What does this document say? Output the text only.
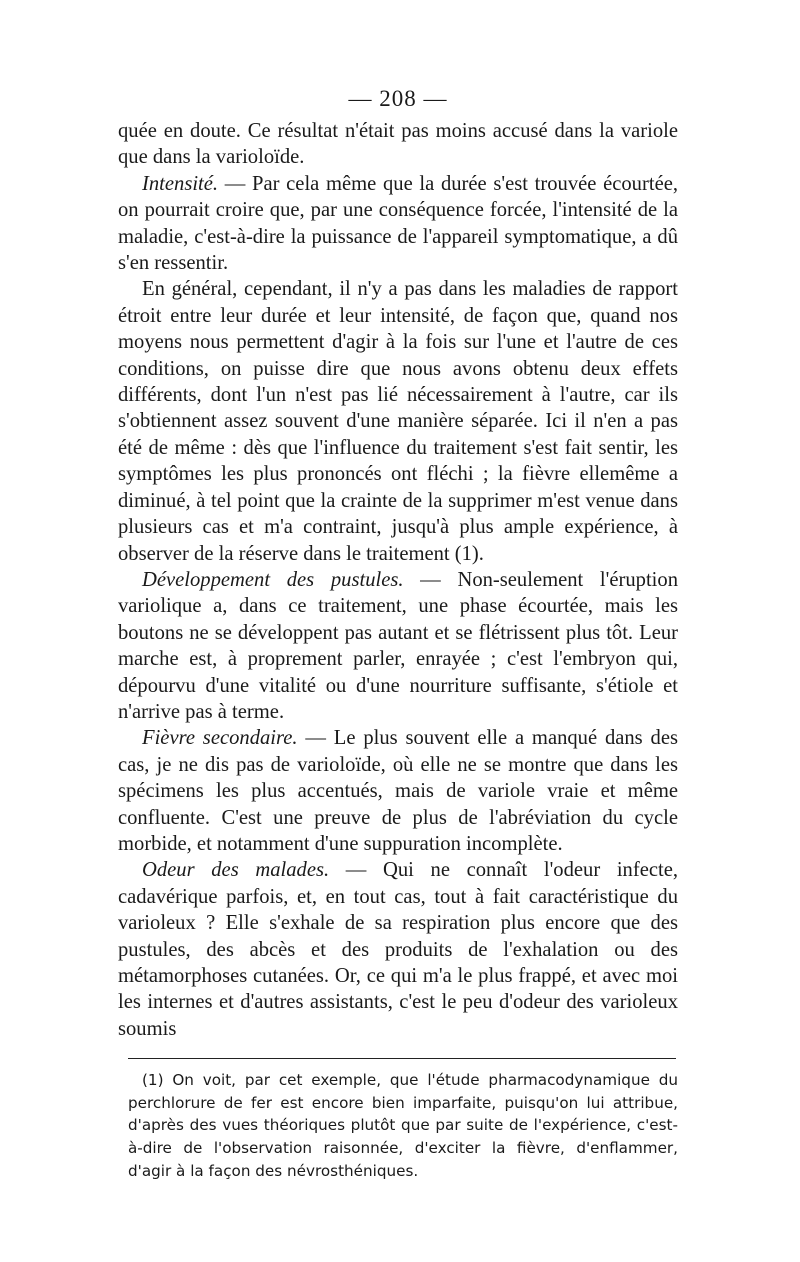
— 208 —

quée en doute. Ce résultat n'était pas moins accusé dans la variole que dans la varioloïde.

Intensité. — Par cela même que la durée s'est trouvée écourtée, on pourrait croire que, par une conséquence forcée, l'intensité de la maladie, c'est-à-dire la puissance de l'appareil symptomatique, a dû s'en ressentir.

En général, cependant, il n'y a pas dans les maladies de rapport étroit entre leur durée et leur intensité, de façon que, quand nos moyens nous permettent d'agir à la fois sur l'une et l'autre de ces conditions, on puisse dire que nous avons obtenu deux effets différents, dont l'un n'est pas lié nécessairement à l'autre, car ils s'obtiennent assez souvent d'une manière séparée. Ici il n'en a pas été de même : dès que l'influence du traitement s'est fait sentir, les symptômes les plus prononcés ont fléchi ; la fièvre ellemême a diminué, à tel point que la crainte de la supprimer m'est venue dans plusieurs cas et m'a contraint, jusqu'à plus ample expérience, à observer de la réserve dans le traitement (1).

Développement des pustules. — Non-seulement l'éruption variolique a, dans ce traitement, une phase écourtée, mais les boutons ne se développent pas autant et se flétrissent plus tôt. Leur marche est, à proprement parler, enrayée ; c'est l'embryon qui, dépourvu d'une vitalité ou d'une nourriture suffisante, s'étiole et n'arrive pas à terme.

Fièvre secondaire. — Le plus souvent elle a manqué dans des cas, je ne dis pas de varioloïde, où elle ne se montre que dans les spécimens les plus accentués, mais de variole vraie et même confluente. C'est une preuve de plus de l'abréviation du cycle morbide, et notamment d'une suppuration incomplète.

Odeur des malades. — Qui ne connaît l'odeur infecte, cadavérique parfois, et, en tout cas, tout à fait caractéristique du varioleux ? Elle s'exhale de sa respiration plus encore que des pustules, des abcès et des produits de l'exhalation ou des métamorphoses cutanées. Or, ce qui m'a le plus frappé, et avec moi les internes et d'autres assistants, c'est le peu d'odeur des varioleux soumis

(1) On voit, par cet exemple, que l'étude pharmacodynamique du perchlorure de fer est encore bien imparfaite, puisqu'on lui attribue, d'après des vues théoriques plutôt que par suite de l'expérience, c'est-à-dire de l'observation raisonnée, d'exciter la fièvre, d'enflammer, d'agir à la façon des névrosthéniques.
